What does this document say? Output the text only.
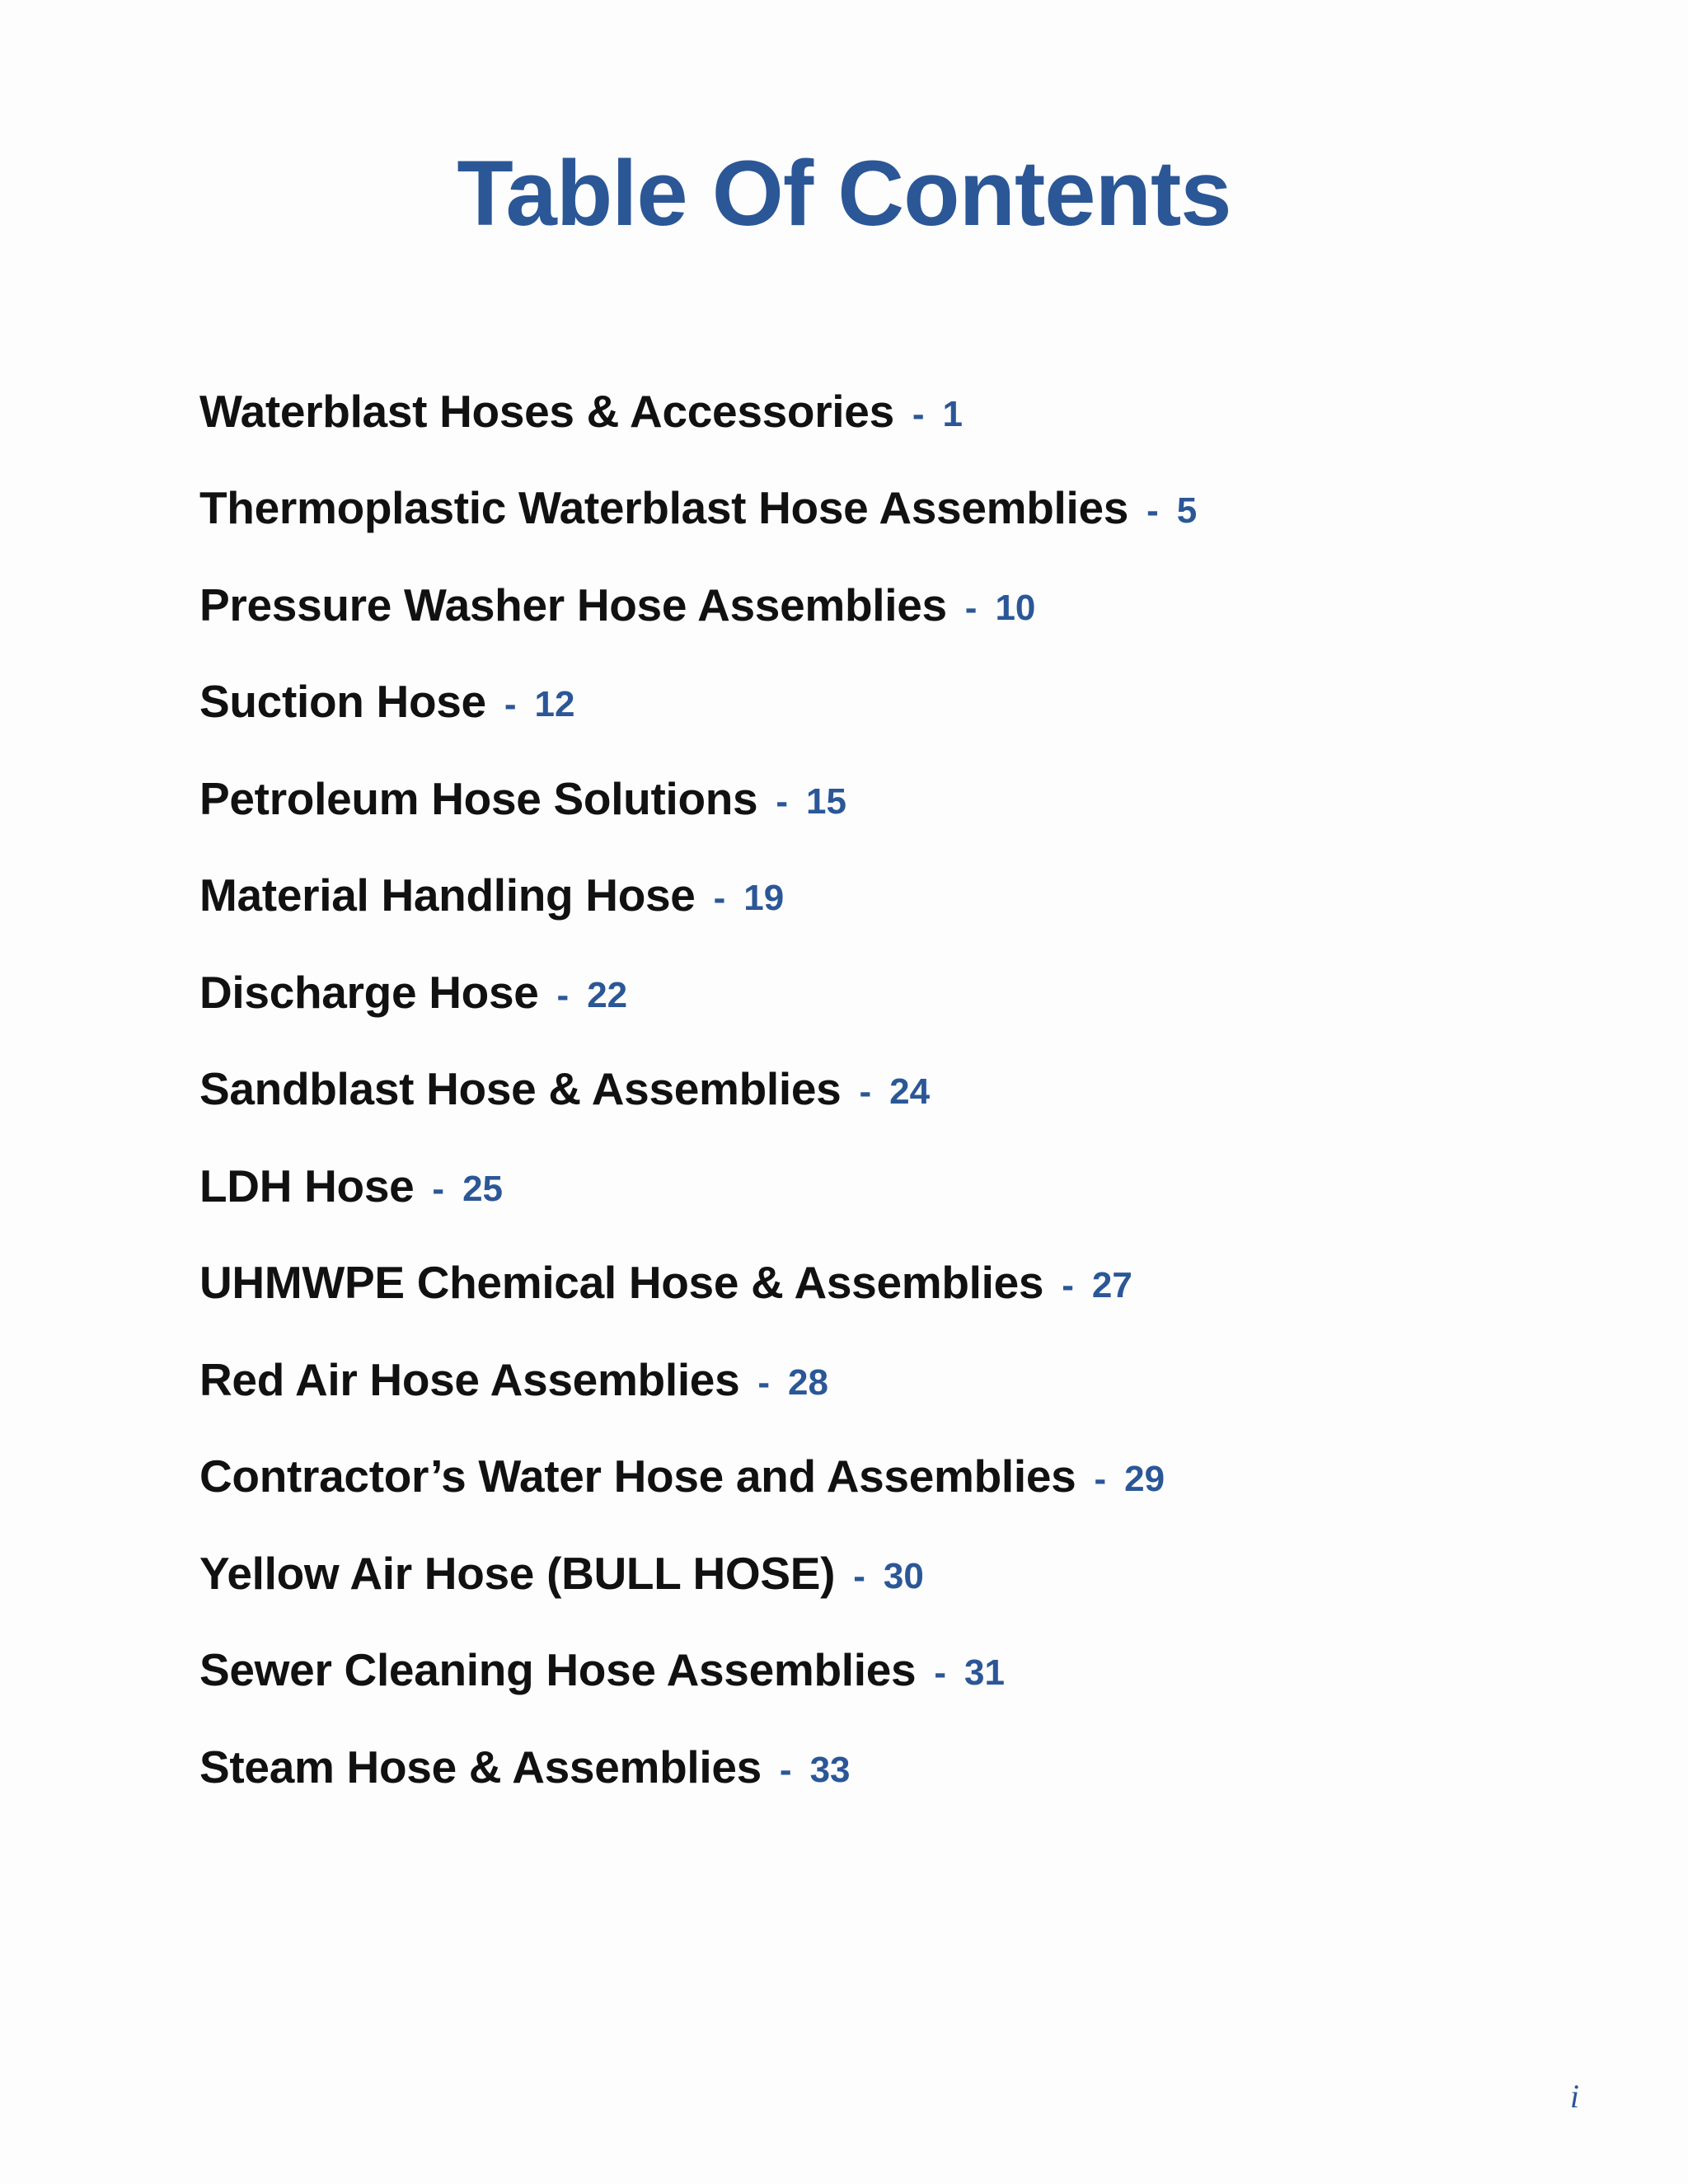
Table Of Contents
Waterblast Hoses & Accessories - 1
Thermoplastic Waterblast Hose Assemblies - 5
Pressure Washer Hose Assemblies - 10
Suction Hose - 12
Petroleum Hose Solutions - 15
Material Handling Hose - 19
Discharge Hose - 22
Sandblast Hose & Assemblies - 24
LDH Hose - 25
UHMWPE Chemical Hose & Assemblies - 27
Red Air Hose Assemblies - 28
Contractor’s Water Hose and Assemblies - 29
Yellow Air Hose (BULL HOSE) - 30
Sewer Cleaning Hose Assemblies - 31
Steam Hose & Assemblies - 33
i
